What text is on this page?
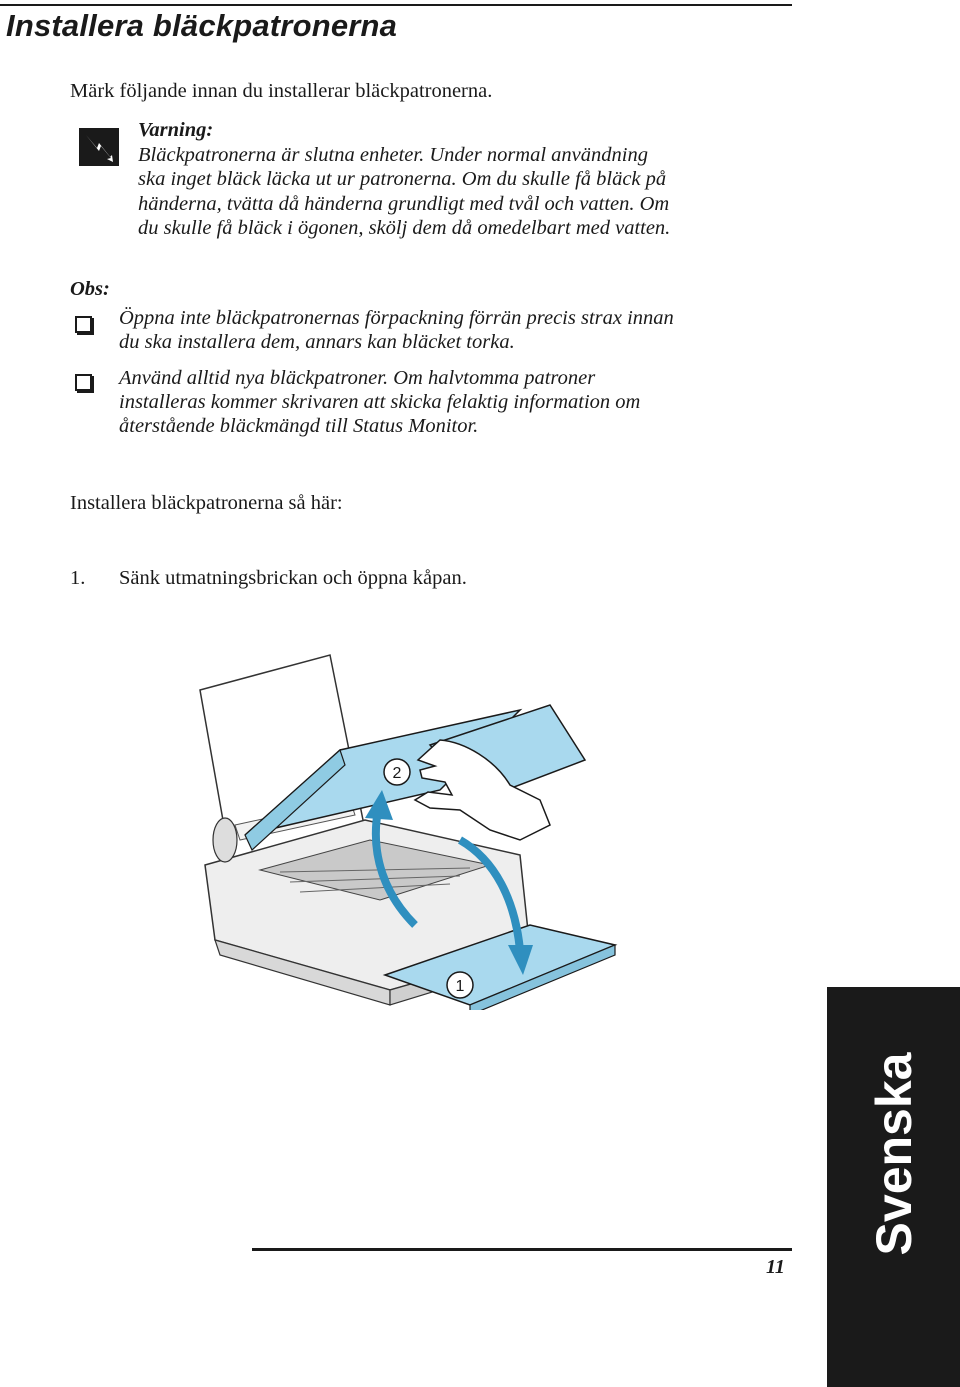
Installera bläckpatronerna

Märk följande innan du installerar bläckpatronerna.

Varning:
Bläckpatronerna är slutna enheter. Under normal användning
ska inget bläck läcka ut ur patronerna. Om du skulle få bläck på
händerna, tvätta då händerna grundligt med tvål och vatten. Om
du skulle få bläck i ögonen, skölj dem då omedelbart med vatten.

Obs:

Öppna inte bläckpatronernas förpackning förrän precis strax innan
du ska installera dem, annars kan bläcket torka.
Använd alltid nya bläckpatroner. Om halvtomma patroner
installeras kommer skrivaren att skicka felaktig information om
återstående bläckmängd till Status Monitor.

Installera bläckpatronerna så här:

1. Sänk utmatningsbrickan och öppna kåpan.

2
1
11
Svenska
